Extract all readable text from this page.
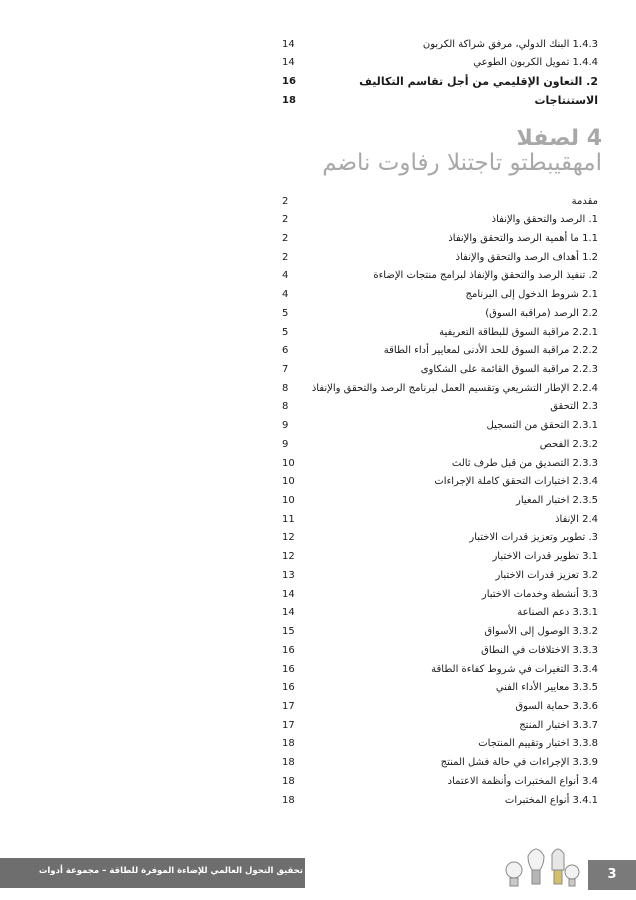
1.4.3 البنك الدولي، مرفق شراكة الكربون
14
1.4.4 تمويل الكربون الطوعي
14
2. التعاون الإقليمي من أجل تقاسم التكاليف
16
الاستنتاجات
18
4 لصفلا
امهقيبطتو تاجتنلا رفاوت ناضم
مقدمة
2
1. الرصد والتحقق والإنفاذ
2
1.1 ما أهمية الرصد والتحقق والإنفاذ
2
1.2 أهداف الرصد والتحقق والإنفاذ
2
2. تنفيذ الرصد والتحقق والإنفاذ لبرامج منتجات الإضاءة
4
2.1 شروط الدخول إلى البرنامج
4
2.2 الرصد (مراقبة السوق)
5
2.2.1 مراقبة السوق للبطاقة التعريفية
5
2.2.2 مراقبة السوق للحد الأدنى لمعايير أداء الطاقة
6
2.2.3 مراقبة السوق القائمة على الشكاوى
7
2.2.4 الإطار التشريعي وتقسيم العمل لبرنامج الرصد والتحقق والإنفاذ
8
2.3 التحقق
8
2.3.1 التحقق من التسجيل
9
2.3.2 الفحص
9
2.3.3 التصديق من قبل طرف ثالث
10
2.3.4 اختبارات التحقق كاملة الإجراءات
10
2.3.5 اختبار المعيار
10
2.4 الإنفاذ
11
3. تطوير وتعزيز قدرات الاختبار
12
3.1 تطوير قدرات الاختبار
12
3.2 تعزيز قدرات الاختبار
13
3.3 أنشطة وخدمات الاختبار
14
3.3.1 دعم الصناعة
14
3.3.2 الوصول إلى الأسواق
15
3.3.3 الاختلافات في النطاق
16
3.3.4 التغيرات في شروط كفاءة الطاقة
16
3.3.5 معايير الأداء الفني
16
3.3.6 حماية السوق
17
3.3.7 اختبار المنتج
17
3.3.8 اختبار وتقييم المنتجات
18
3.3.9 الإجراءات في حالة فشل المنتج
18
3.4 أنواع المختبرات وأنظمة الاعتماد
18
3.4.1 أنواع المختبرات
18
تحقيق التحول العالمي للإضاءة الموفرة للطاقة – مجموعة أدوات	3
